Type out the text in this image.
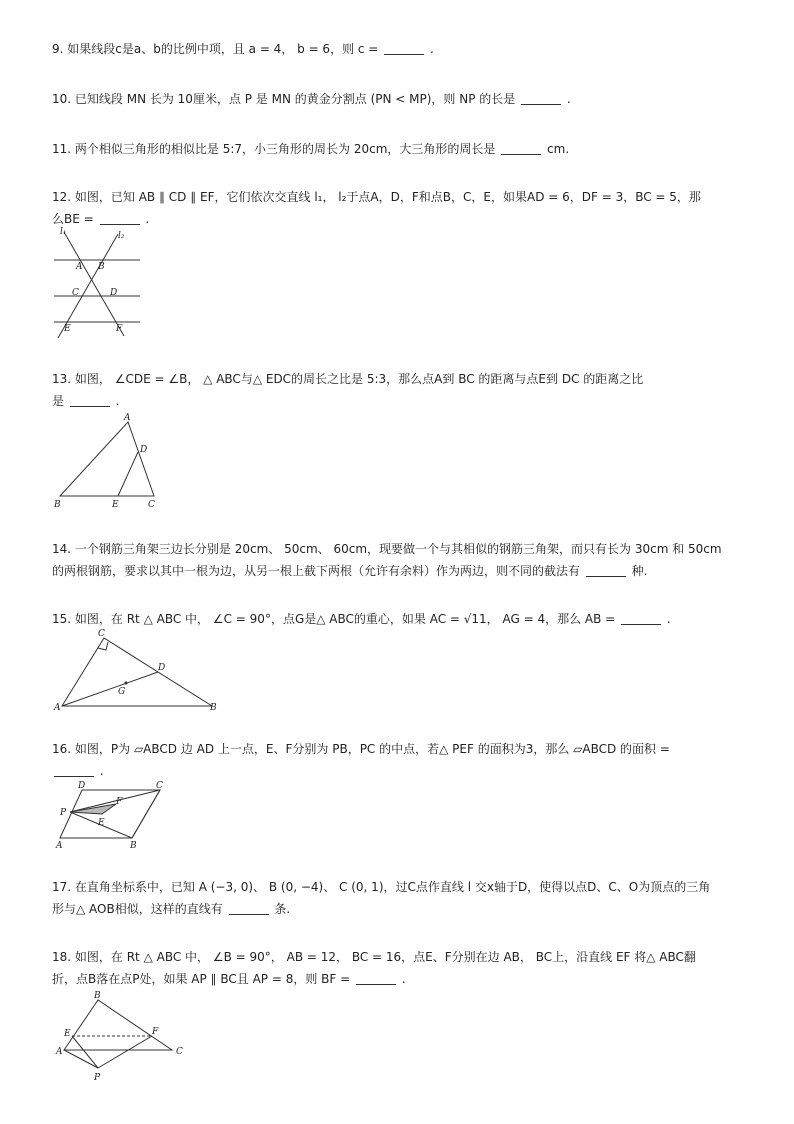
9. 如果线段c是a、b的比例中项，且 a = 4， b = 6，则 c =	.
10. 已知线段 MN 长为 10厘米，点 P 是 MN 的黄金分割点 (PN < MP)，则 NP 的长是	.
11. 两个相似三角形的相似比是 5:7，小三角形的周长为 20cm，大三角形的周长是	cm.
12. 如图，已知 AB ∥ CD ∥ EF，它们依次交直线 l₁， l₂于点A，D，F和点B，C，E，如果AD = 6，DF = 3，BC = 5，那
么BE =	.
l₁	l₂
A B
C	D
E	F
13. 如图， ∠CDE = ∠B， △ ABC与△ EDC的周长之比是 5:3，那么点A到 BC 的距离与点E到 DC 的距离之比
是	.
A
B	C
D
E
14. 一个钢筋三角架三边长分别是 20cm、 50cm、 60cm，现要做一个与其相似的钢筋三角架，而只有长为 30cm 和 50cm
的两根钢筋，要求以其中一根为边，从另一根上截下两根（允许有余料）作为两边，则不同的截法有	种.
15. 如图，在 Rt △ ABC 中， ∠C = 90°，点G是△ ABC的重心，如果 AC = √11， AG = 4，那么 AB =	.
C
A	B
D
G
16. 如图，P为 ▱ABCD 边 AD 上一点，E、F分别为 PB，PC 的中点，若△ PEF 的面积为3，那么 ▱ABCD 的面积 =
.
D	C
P
F
E
A	B
17. 在直角坐标系中，已知 A (−3, 0)、 B (0, −4)、 C (0, 1)，过C点作直线 l 交x轴于D，使得以点D、C、O为顶点的三角
形与△ AOB相似，这样的直线有	条.
18. 如图，在 Rt △ ABC 中， ∠B = 90°， AB = 12， BC = 16，点E、F分别在边 AB， BC上，沿直线 EF 将△ ABC翻
折，点B落在点P处，如果 AP ∥ BC且 AP = 8，则 BF =	.
B
E	F
A	C
P
